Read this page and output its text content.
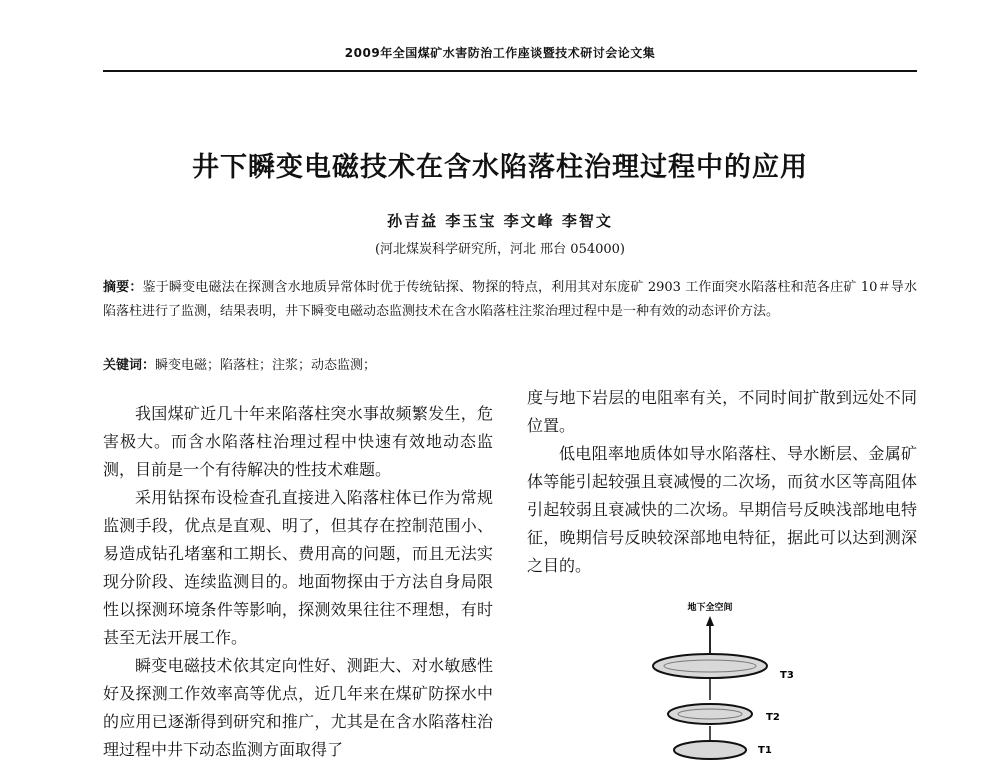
2009年全国煤矿水害防治工作座谈暨技术研讨会论文集
井下瞬变电磁技术在含水陷落柱治理过程中的应用
孙吉益 李玉宝 李文峰 李智文
(河北煤炭科学研究所，河北 邢台 054000)
摘要：鉴于瞬变电磁法在探测含水地质异常体时优于传统钻探、物探的特点，利用其对东庞矿 2903 工作面突水陷落柱和范各庄矿 10＃导水陷落柱进行了监测，结果表明，井下瞬变电磁动态监测技术在含水陷落柱注浆治理过程中是一种有效的动态评价方法。
关键词：瞬变电磁；陷落柱；注浆；动态监测；

我国煤矿近几十年来陷落柱突水事故频繁发生，危害极大。而含水陷落柱治理过程中快速有效地动态监测，目前是一个有待解决的性技术难题。

采用钻探布设检查孔直接进入陷落柱体已作为常规监测手段，优点是直观、明了，但其存在控制范围小、易造成钻孔堵塞和工期长、费用高的问题，而且无法实现分阶段、连续监测目的。地面物探由于方法自身局限性以探测环境条件等影响，探测效果往往不理想，有时甚至无法开展工作。

瞬变电磁技术依其定向性好、测距大、对水敏感性好及探测工作效率高等优点，近几年来在煤矿防探水中的应用已逐渐得到研究和推广，尤其是在含水陷落柱治理过程中井下动态监测方面取得了

度与地下岩层的电阻率有关，不同时间扩散到远处不同位置。

低电阻率地质体如导水陷落柱、导水断层、金属矿体等能引起较强且衰减慢的二次场，而贫水区等高阻体引起较弱且衰减快的二次场。早期信号反映浅部地电特征，晚期信号反映较深部地电特征，据此可以达到测深之目的。

地下全空间
T3
T2
T1
